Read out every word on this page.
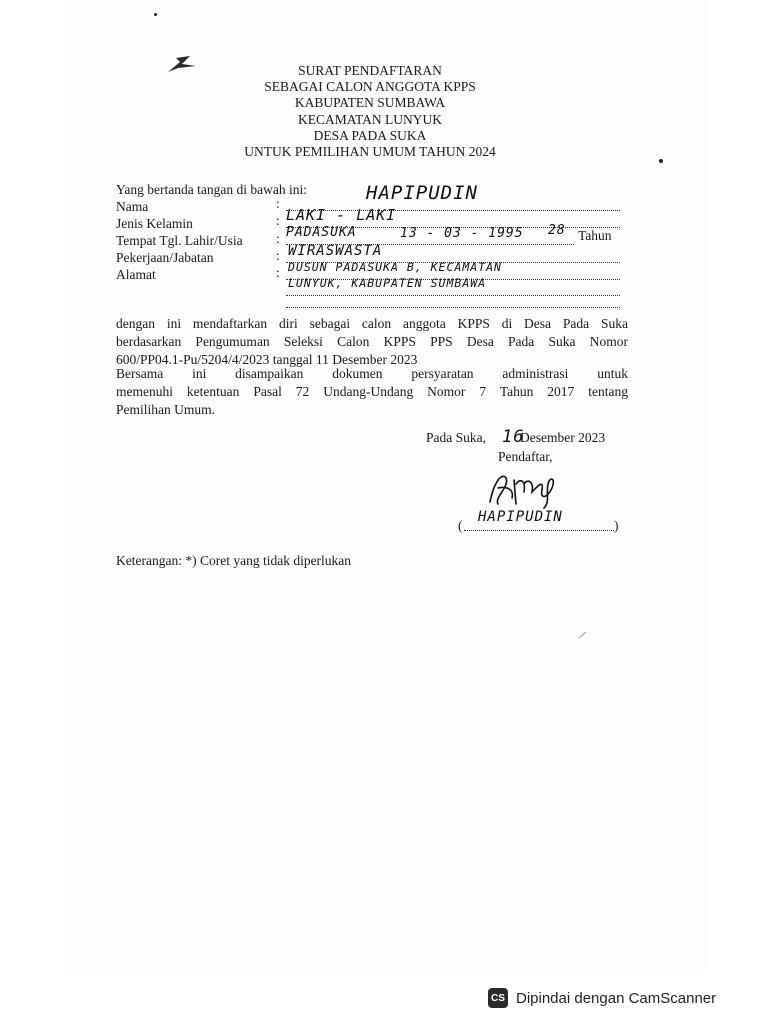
SURAT PENDAFTARAN
SEBAGAI CALON ANGGOTA KPPS
KABUPATEN SUMBAWA
KECAMATAN LUNYUK
DESA PADA SUKA
UNTUK PEMILIHAN UMUM TAHUN 2024
Yang bertanda tangan di bawah ini:
Nama	:	HAPIPUDIN
Jenis Kelamin	: LAKI - LAKI
Tempat Tgl. Lahir/Usia : PADASUKA	13 - 03 - 1995 28 Tahun
Pekerjaan/Jabatan	: WIRASWASTA
Alamat	: DUSUN PADASUKA B, KECAMATAN
LUNYUK, KABUPATEN SUMBAWA
dengan ini mendaftarkan diri sebagai calon anggota KPPS di Desa Pada Suka
berdasarkan Pengumuman Seleksi Calon KPPS PPS Desa Pada Suka Nomor
600/PP04.1-Pu/5204/4/2023 tanggal 11 Desember 2023
Bersama ini disampaikan dokumen persyaratan administrasi untuk
memenuhi ketentuan Pasal 72 Undang-Undang Nomor 7 Tahun 2017 tentang
Pemilihan Umum.
Pada Suka, 16
Desember 2023
Pendaftar,
(
HAPIPUDIN
)
Keterangan: *) Coret yang tidak diperlukan
CS Dipindai dengan CamScanner
